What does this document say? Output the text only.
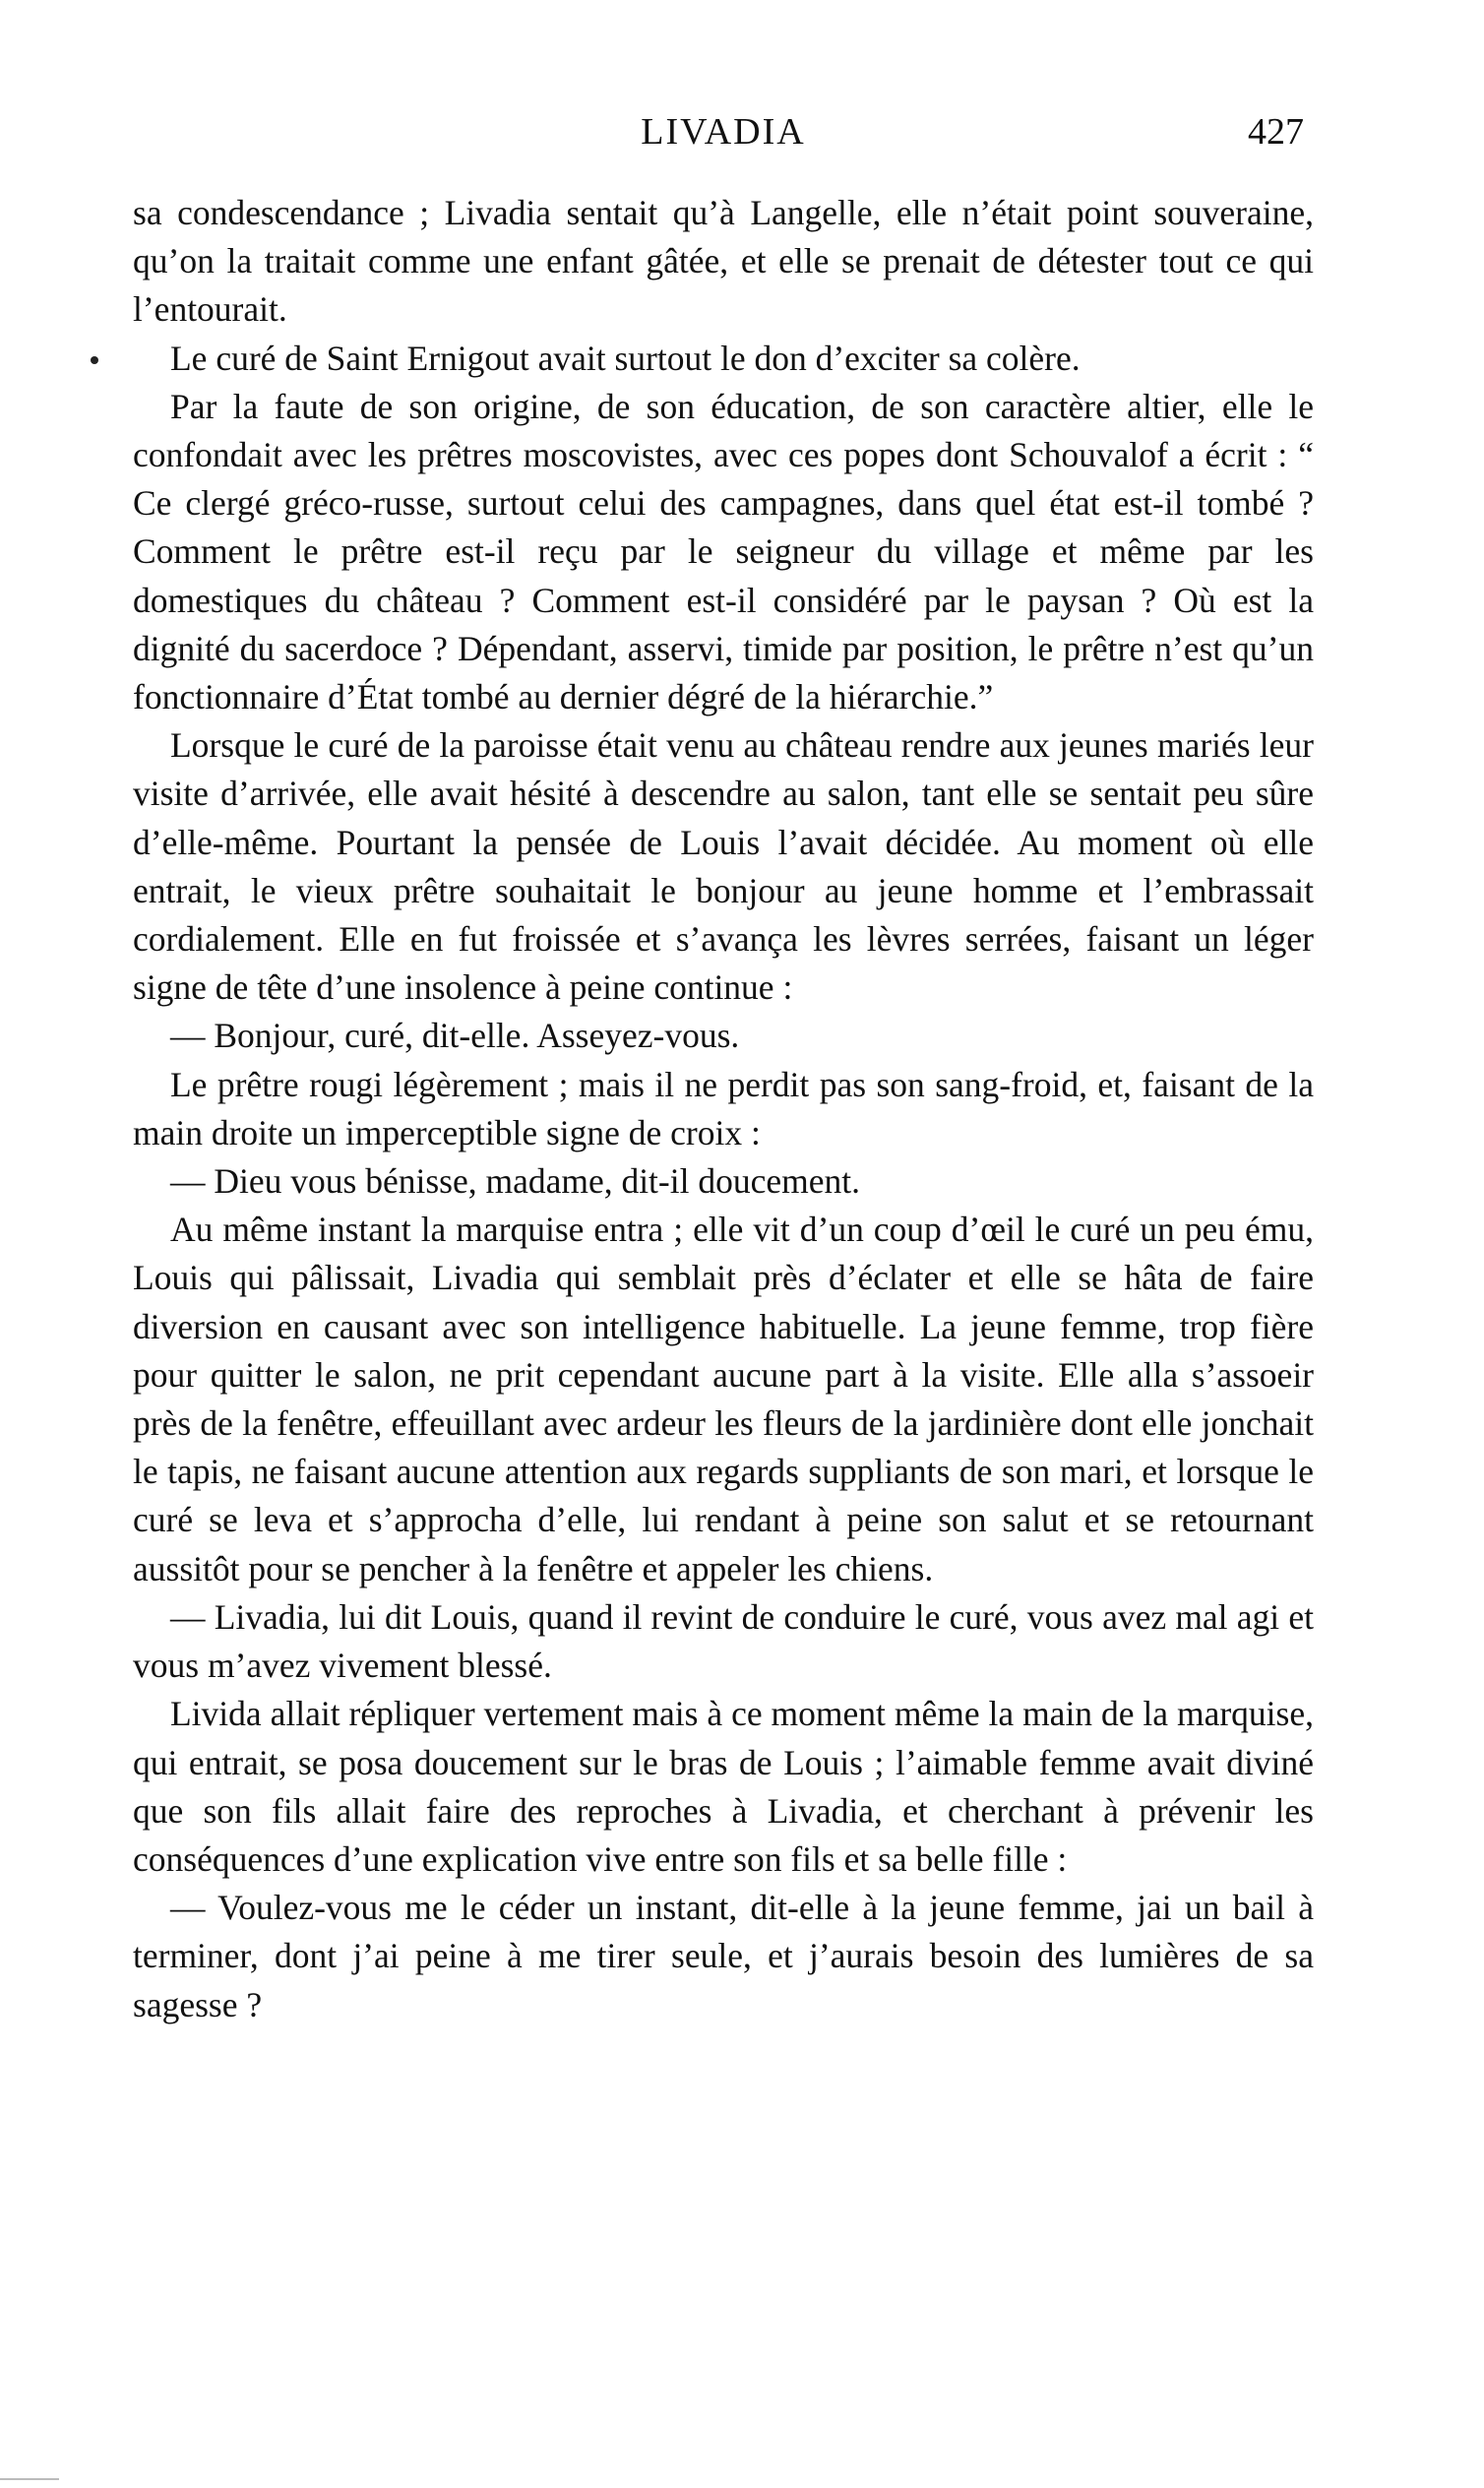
LIVADIA	427

sa condescendance ; Livadia sentait qu’à Langelle, elle n’était point souveraine, qu’on la traitait comme une enfant gâtée, et elle se prenait de détester tout ce qui l’entourait.

Le curé de Saint Ernigout avait surtout le don d’exciter sa colère.

Par la faute de son origine, de son éducation, de son caractère altier, elle le confondait avec les prêtres moscovistes, avec ces popes dont Schouvalof a écrit : “ Ce clergé gréco-russe, surtout celui des campagnes, dans quel état est-il tombé ? Comment le prêtre est-il reçu par le seigneur du village et même par les domestiques du château ? Comment est-il considéré par le paysan ? Où est la dignité du sacerdoce ? Dépendant, asservi, timide par position, le prêtre n’est qu’un fonctionnaire d’État tombé au dernier dégré de la hiérarchie.”

Lorsque le curé de la paroisse était venu au château rendre aux jeunes mariés leur visite d’arrivée, elle avait hésité à descendre au salon, tant elle se sentait peu sûre d’elle-même. Pourtant la pensée de Louis l’avait décidée. Au moment où elle entrait, le vieux prêtre souhaitait le bonjour au jeune homme et l’embrassait cordialement. Elle en fut froissée et s’avança les lèvres serrées, faisant un léger signe de tête d’une insolence à peine continue :

— Bonjour, curé, dit-elle. Asseyez-vous.

Le prêtre rougi légèrement ; mais il ne perdit pas son sang-froid, et, faisant de la main droite un imperceptible signe de croix :

— Dieu vous bénisse, madame, dit-il doucement.

Au même instant la marquise entra ; elle vit d’un coup d’œil le curé un peu ému, Louis qui pâlissait, Livadia qui semblait près d’éclater et elle se hâta de faire diversion en causant avec son intelligence habituelle. La jeune femme, trop fière pour quitter le salon, ne prit cependant aucune part à la visite. Elle alla s’assoeir près de la fenêtre, effeuillant avec ardeur les fleurs de la jardinière dont elle jonchait le tapis, ne faisant aucune attention aux regards suppliants de son mari, et lorsque le curé se leva et s’approcha d’elle, lui rendant à peine son salut et se retournant aussitôt pour se pencher à la fenêtre et appeler les chiens.

— Livadia, lui dit Louis, quand il revint de conduire le curé, vous avez mal agi et vous m’avez vivement blessé.

Livida allait répliquer vertement mais à ce moment même la main de la marquise, qui entrait, se posa doucement sur le bras de Louis ; l’aimable femme avait diviné que son fils allait faire des reproches à Livadia, et cherchant à prévenir les conséquences d’une explication vive entre son fils et sa belle fille :

— Voulez-vous me le céder un instant, dit-elle à la jeune femme, jai un bail à terminer, dont j’ai peine à me tirer seule, et j’aurais besoin des lumières de sa sagesse ?
